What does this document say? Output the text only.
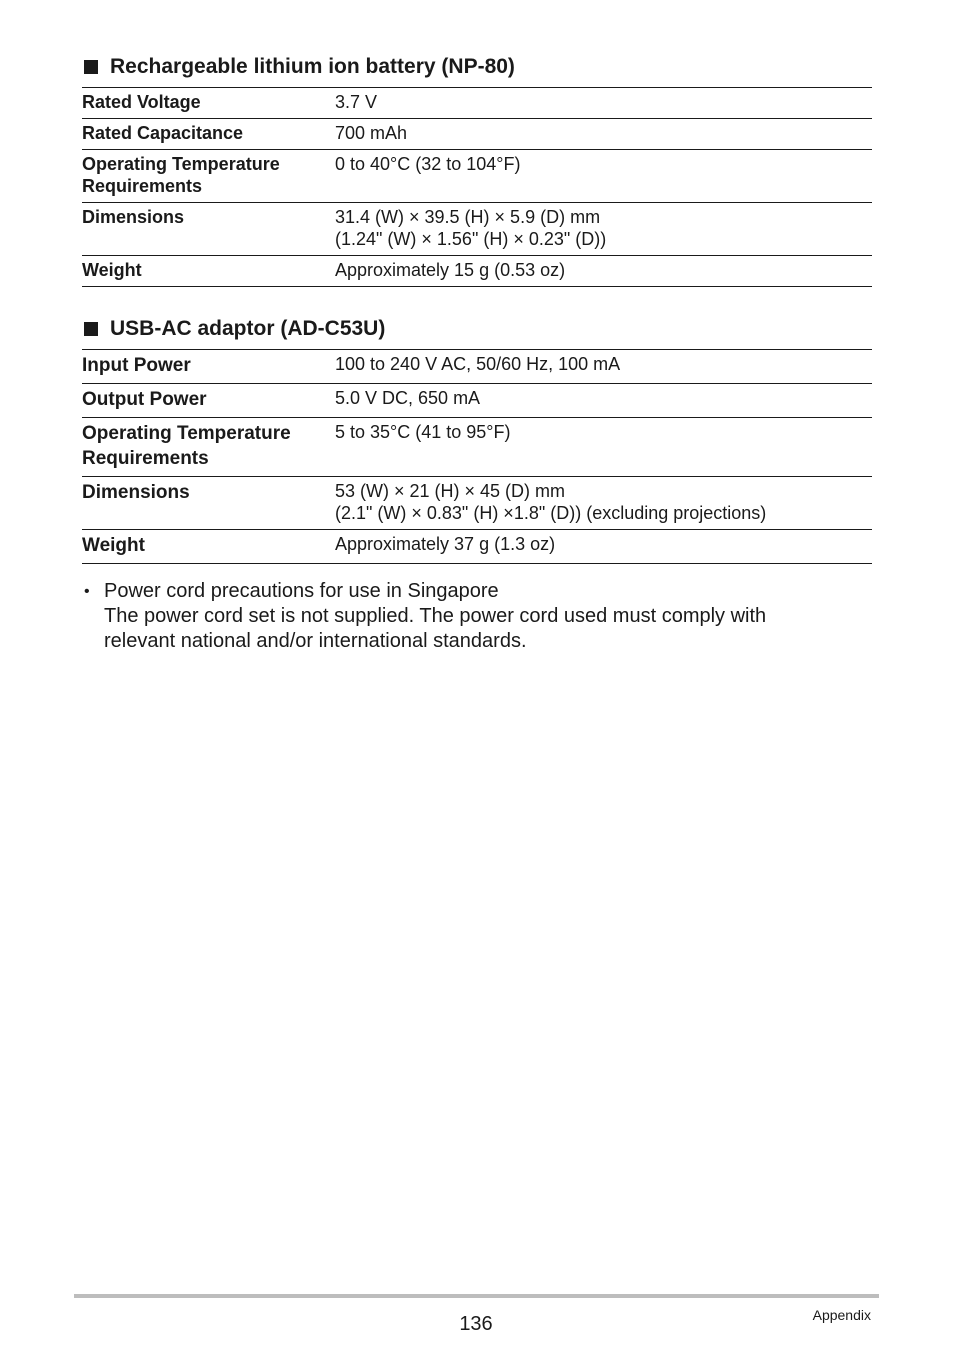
Rechargeable lithium ion battery (NP-80)
Rated Voltage	3.7 V
Rated Capacitance	700 mAh
Operating Temperature
Requirements	0 to 40°C (32 to 104°F)
Dimensions	31.4 (W) × 39.5 (H) × 5.9 (D) mm
(1.24" (W) × 1.56" (H) × 0.23" (D))
Weight	Approximately 15 g (0.53 oz)
USB-AC adaptor (AD-C53U)
Input Power	100 to 240 V AC, 50/60 Hz, 100 mA
Output Power	5.0 V DC, 650 mA
Operating Temperature
Requirements	5 to 35°C (41 to 95°F)
Dimensions	53 (W) × 21 (H) × 45 (D) mm
(2.1" (W) × 0.83" (H) ×1.8" (D)) (excluding projections)
Weight	Approximately 37 g (1.3 oz)
• Power cord precautions for use in Singapore
The power cord set is not supplied. The power cord used must comply with
relevant national and/or international standards.
136	Appendix
